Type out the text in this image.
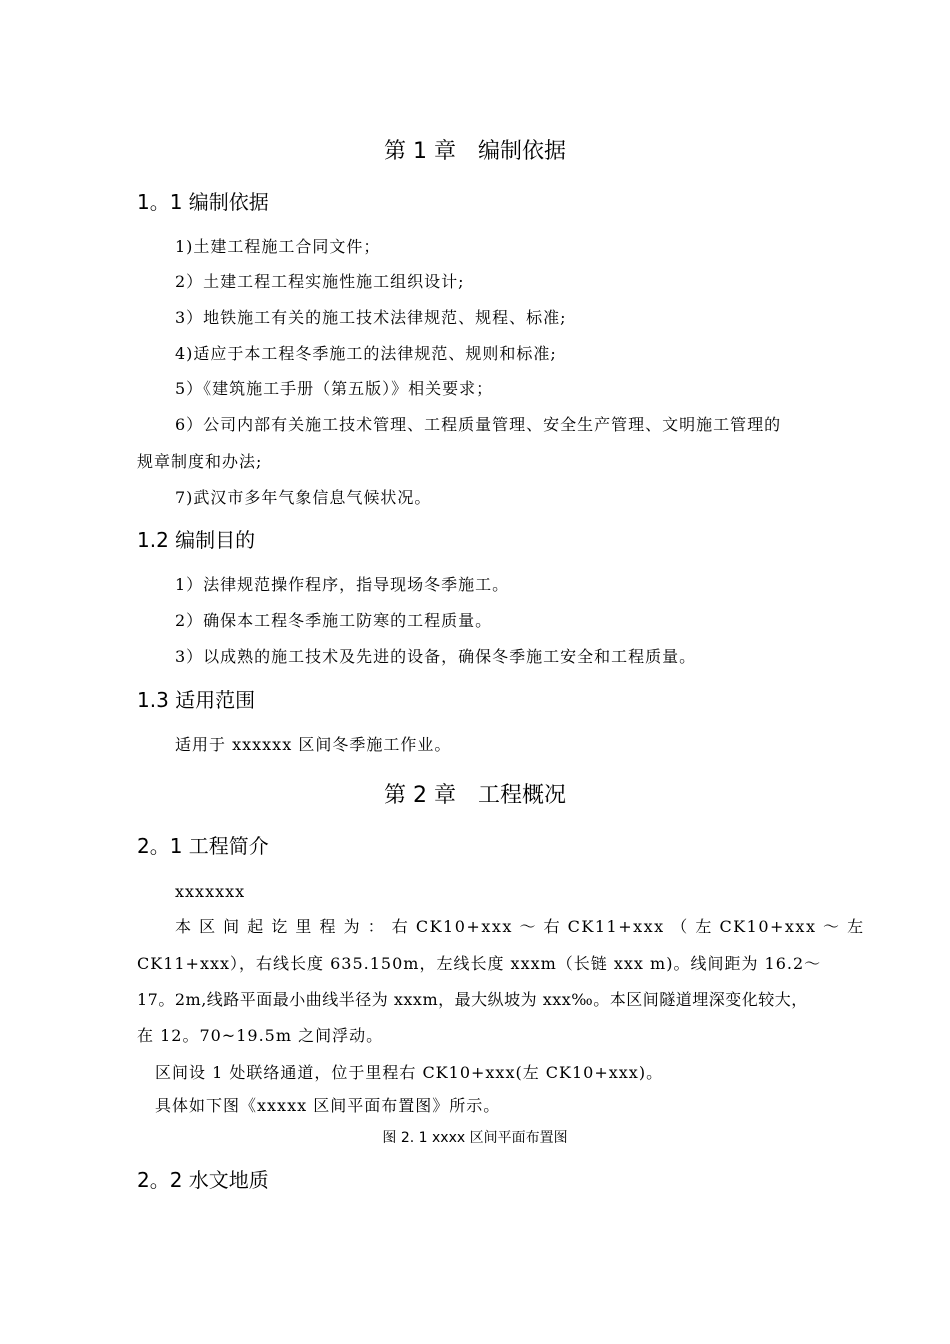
第 1 章　编制依据
1。1 编制依据

1)土建工程施工合同文件；

2）土建工程工程实施性施工组织设计;

3）地铁施工有关的施工技术法律规范、规程、标准;

4)适应于本工程冬季施工的法律规范、规则和标准;

5）《建筑施工手册（第五版）》相关要求；

6）公司内部有关施工技术管理、工程质量管理、安全生产管理、文明施工管理的

规章制度和办法;

7)武汉市多年气象信息气候状况。

1.2 编制目的

1）法律规范操作程序，指导现场冬季施工。

2）确保本工程冬季施工防寒的工程质量。

3）以成熟的施工技术及先进的设备，确保冬季施工安全和工程质量。

1.3 适用范围

适用于 xxxxxx 区间冬季施工作业。

第 2 章　工程概况
2。1 工程简介

xxxxxxx

本 区 间 起 讫 里 程 为 ： 右 CK10+xxx ～ 右 CK11+xxx （ 左 CK10+xxx ～ 左

CK11+xxx），右线长度 635.150m，左线长度 xxxm（长链 xxx m)。线间距为 16.2～

17。2m,线路平面最小曲线半径为 xxxm，最大纵坡为 xxx‰。本区间隧道埋深变化较大，

在 12。70~19.5m 之间浮动。

区间设 1 处联络通道，位于里程右 CK10+xxx(左 CK10+xxx)。

具体如下图《xxxxx 区间平面布置图》所示。

图 2. 1 xxxx 区间平面布置图

2。2 水文地质
